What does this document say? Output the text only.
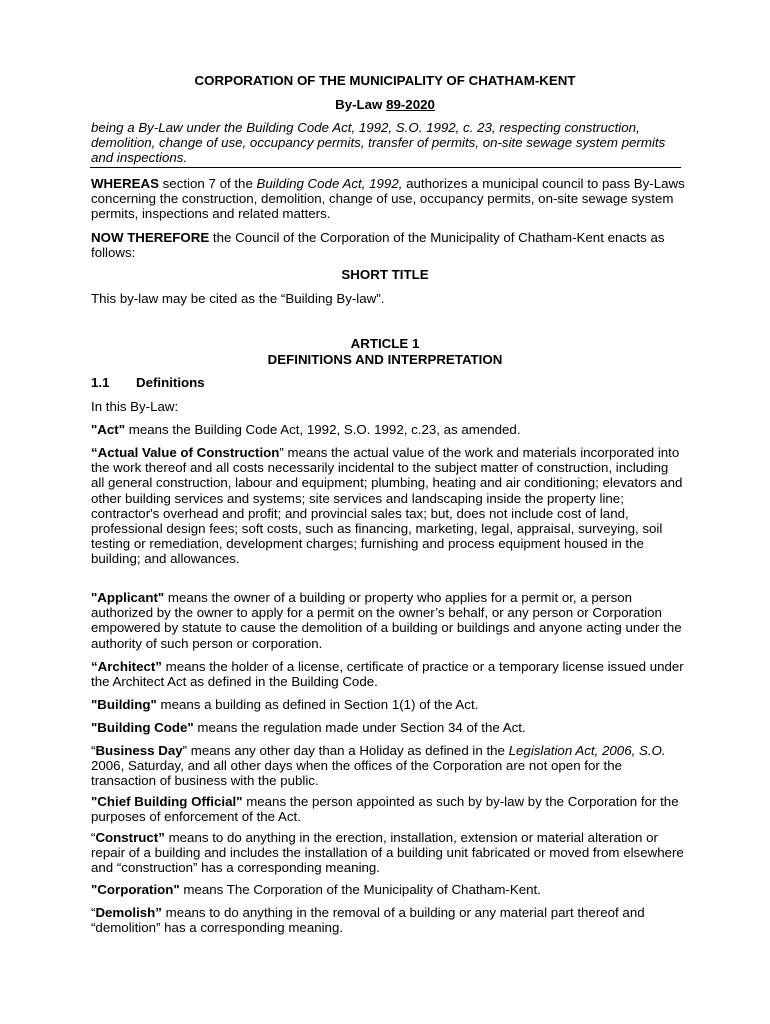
CORPORATION OF THE MUNICIPALITY OF CHATHAM-KENT

By-Law 89-2020

being a By-Law under the Building Code Act, 1992, S.O. 1992, c. 23, respecting construction, demolition, change of use, occupancy permits, transfer of permits, on-site sewage system permits and inspections.

WHEREAS section 7 of the Building Code Act, 1992, authorizes a municipal council to pass By-Laws concerning the construction, demolition, change of use, occupancy permits, on-site sewage system permits, inspections and related matters.

NOW THEREFORE the Council of the Corporation of the Municipality of Chatham-Kent enacts as follows:

SHORT TITLE

This by-law may be cited as the “Building By-law”.

ARTICLE 1

DEFINITIONS AND INTERPRETATION

1.1 Definitions

In this By-Law:

"Act" means the Building Code Act, 1992, S.O. 1992, c.23, as amended.

“Actual Value of Construction” means the actual value of the work and materials incorporated into the work thereof and all costs necessarily incidental to the subject matter of construction, including all general construction, labour and equipment; plumbing, heating and air conditioning; elevators and other building services and systems; site services and landscaping inside the property line; contractor's overhead and profit; and provincial sales tax; but, does not include cost of land, professional design fees; soft costs, such as financing, marketing, legal, appraisal, surveying, soil testing or remediation, development charges; furnishing and process equipment housed in the building; and allowances.

"Applicant" means the owner of a building or property who applies for a permit or, a person authorized by the owner to apply for a permit on the owner’s behalf, or any person or Corporation empowered by statute to cause the demolition of a building or buildings and anyone acting under the authority of such person or corporation.

“Architect” means the holder of a license, certificate of practice or a temporary license issued under the Architect Act as defined in the Building Code.

"Building" means a building as defined in Section 1(1) of the Act.

"Building Code" means the regulation made under Section 34 of the Act.

“Business Day” means any other day than a Holiday as defined in the Legislation Act, 2006, S.O. 2006, Saturday, and all other days when the offices of the Corporation are not open for the transaction of business with the public.

"Chief Building Official" means the person appointed as such by by-law by the Corporation for the purposes of enforcement of the Act.

“Construct” means to do anything in the erection, installation, extension or material alteration or repair of a building and includes the installation of a building unit fabricated or moved from elsewhere and “construction” has a corresponding meaning.

"Corporation" means The Corporation of the Municipality of Chatham-Kent.

“Demolish” means to do anything in the removal of a building or any material part thereof and “demolition” has a corresponding meaning.
